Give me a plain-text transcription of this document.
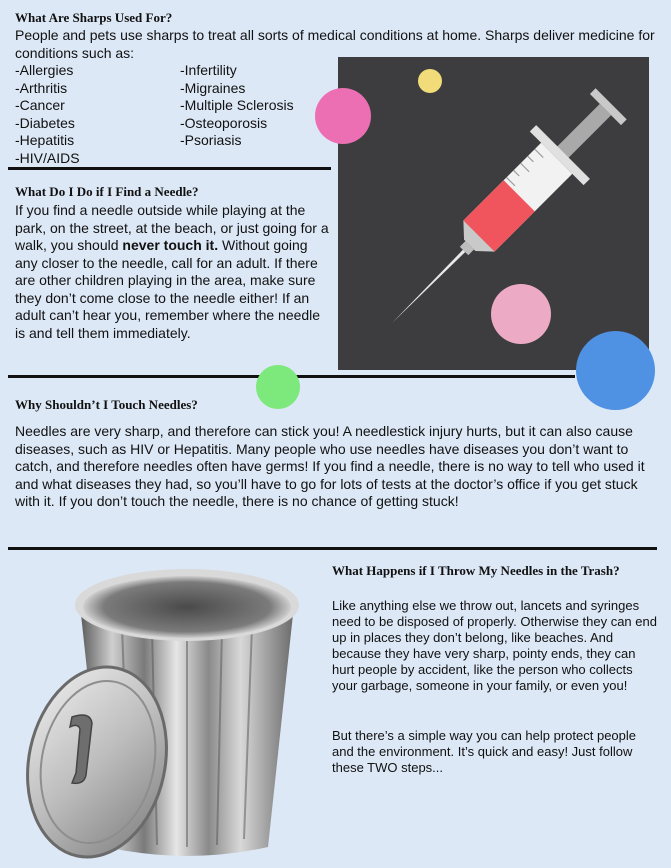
What Are Sharps Used For?

People and pets use sharps to treat all sorts of medical conditions at home. Sharps deliver medicine for conditions such as:

-Allergies
-Arthritis
-Cancer
-Diabetes
-Hepatitis
-HIV/AIDS
-Infertility
-Migraines
-Multiple Sclerosis
-Osteoporosis
-Psoriasis
What Do I Do if I Find a Needle?

If you find a needle outside while playing at the park, on the street, at the beach, or just going for a walk, you should never touch it. Without going any closer to the needle, call for an adult. If there are other children playing in the area, make sure they don’t come close to the needle either! If an adult can’t hear you, remember where the needle is and tell them immediately.

Why Shouldn’t I Touch Needles?

Needles are very sharp, and therefore can stick you! A needlestick injury hurts, but it can also cause diseases, such as HIV or Hepatitis. Many people who use needles have diseases you don’t want to catch, and therefore needles often have germs! If you find a needle, there is no way to tell who used it and what diseases they had, so you’ll have to go for lots of tests at the doctor’s office if you get stuck with it. If you don’t touch the needle, there is no chance of getting stuck!

What Happens if I Throw My Needles in the Trash?

Like anything else we throw out, lancets and syringes need to be disposed of properly. Otherwise they can end up in places they don’t belong, like beaches. And because they have very sharp, pointy ends, they can hurt people by accident, like the person who collects your garbage, someone in your family, or even you!

But there’s a simple way you can help protect people and the environment. It’s quick and easy! Just follow these TWO steps...
